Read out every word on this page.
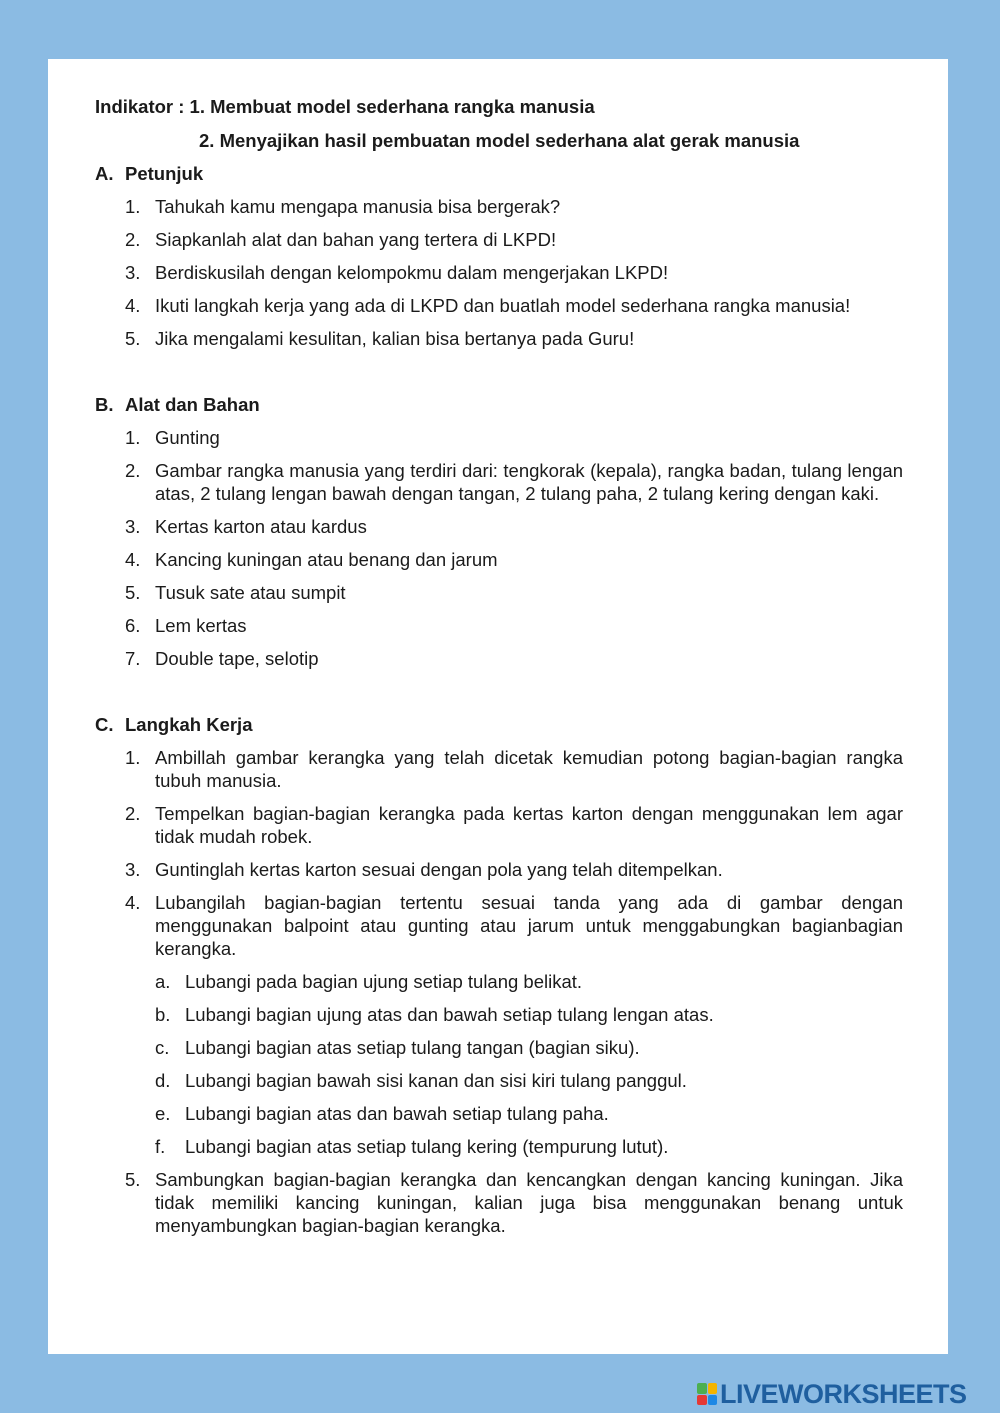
Indikator : 1. Membuat model sederhana rangka manusia
2. Menyajikan hasil pembuatan model sederhana alat gerak manusia
A. Petunjuk
1. Tahukah kamu mengapa manusia bisa bergerak?
2. Siapkanlah alat dan bahan yang tertera di LKPD!
3. Berdiskusilah dengan kelompokmu dalam mengerjakan LKPD!
4. Ikuti langkah kerja yang ada di LKPD dan buatlah model sederhana rangka manusia!
5. Jika mengalami kesulitan, kalian bisa bertanya pada Guru!
B. Alat dan Bahan
1. Gunting
2. Gambar rangka manusia yang terdiri dari: tengkorak (kepala), rangka badan, tulang lengan atas, 2 tulang lengan bawah dengan tangan, 2 tulang paha, 2 tulang kering dengan kaki.
3. Kertas karton atau kardus
4. Kancing kuningan atau benang dan jarum
5. Tusuk sate atau sumpit
6. Lem kertas
7. Double tape, selotip
C. Langkah Kerja
1. Ambillah gambar kerangka yang telah dicetak kemudian potong bagian-bagian rangka tubuh manusia.
2. Tempelkan bagian-bagian kerangka pada kertas karton dengan menggunakan lem agar tidak mudah robek.
3. Guntinglah kertas karton sesuai dengan pola yang telah ditempelkan.
4. Lubangilah bagian-bagian tertentu sesuai tanda yang ada di gambar dengan menggunakan balpoint atau gunting atau jarum untuk menggabungkan bagianbagian kerangka.
a. Lubangi pada bagian ujung setiap tulang belikat.
b. Lubangi bagian ujung atas dan bawah setiap tulang lengan atas.
c. Lubangi bagian atas setiap tulang tangan (bagian siku).
d. Lubangi bagian bawah sisi kanan dan sisi kiri tulang panggul.
e. Lubangi bagian atas dan bawah setiap tulang paha.
f. Lubangi bagian atas setiap tulang kering (tempurung lutut).
5. Sambungkan bagian-bagian kerangka dan kencangkan dengan kancing kuningan. Jika tidak memiliki kancing kuningan, kalian juga bisa menggunakan benang untuk menyambungkan bagian-bagian kerangka.
LIVEWORKSHEETS
